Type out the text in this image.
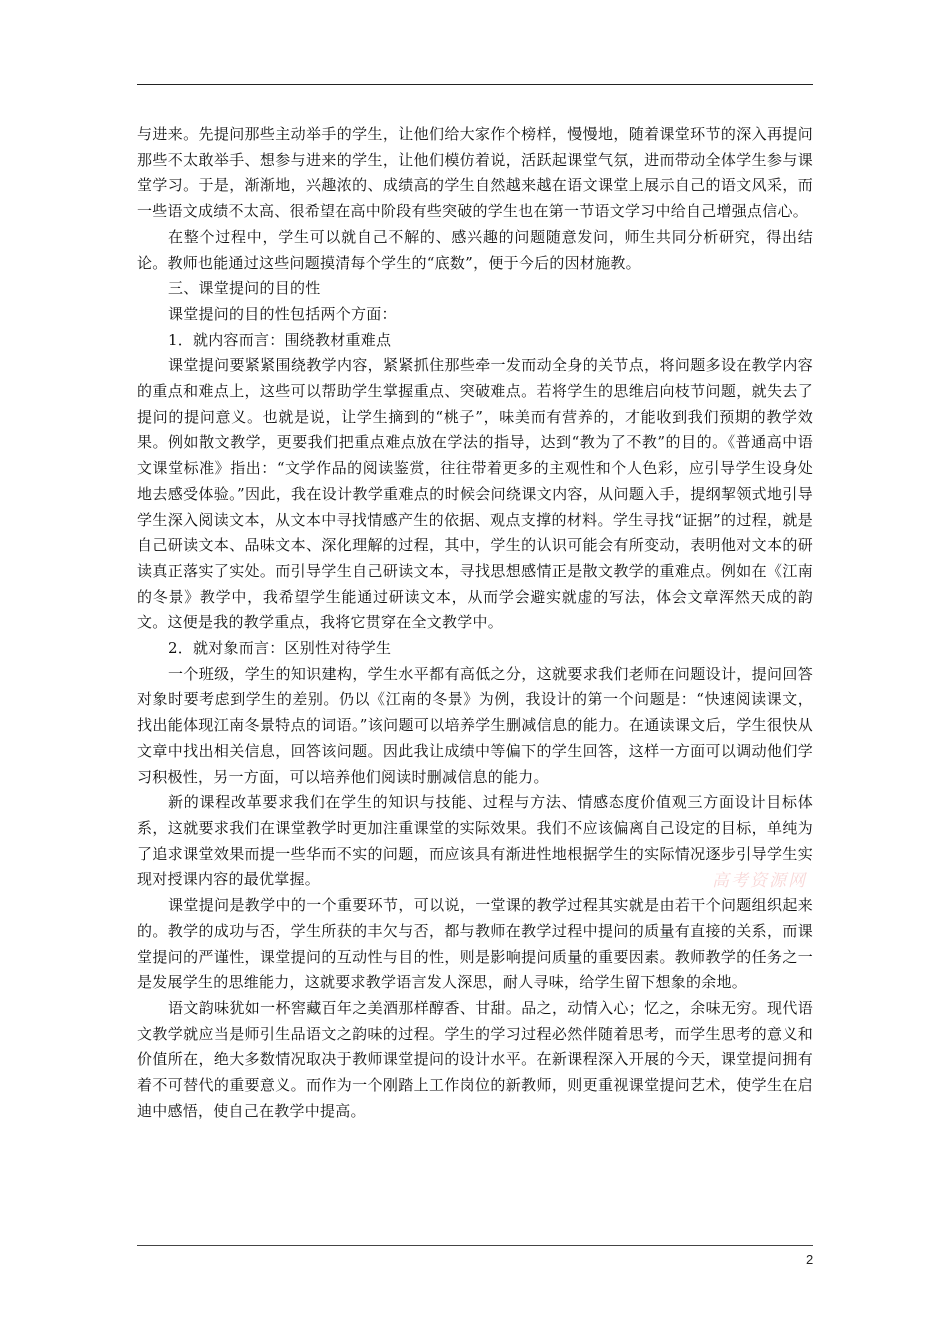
与进来。先提问那些主动举手的学生，让他们给大家作个榜样，慢慢地，随着课堂环节的深入再提问那些不太敢举手、想参与进来的学生，让他们模仿着说，活跃起课堂气氛，进而带动全体学生参与课堂学习。于是，渐渐地，兴趣浓的、成绩高的学生自然越来越在语文课堂上展示自己的语文风采，而一些语文成绩不太高、很希望在高中阶段有些突破的学生也在第一节语文学习中给自己增强点信心。

在整个过程中，学生可以就自己不解的、感兴趣的问题随意发问，师生共同分析研究，得出结论。教师也能通过这些问题摸清每个学生的“底数”，便于今后的因材施教。

三、课堂提问的目的性

课堂提问的目的性包括两个方面：

1．就内容而言：围绕教材重难点

课堂提问要紧紧围绕教学内容，紧紧抓住那些牵一发而动全身的关节点，将问题多设在教学内容的重点和难点上，这些可以帮助学生掌握重点、突破难点。若将学生的思维启向枝节问题，就失去了提问的提问意义。也就是说，让学生摘到的“桃子”，味美而有营养的，才能收到我们预期的教学效果。例如散文教学，更要我们把重点难点放在学法的指导，达到“教为了不教”的目的。《普通高中语文课堂标准》指出：“文学作品的阅读鉴赏，往往带着更多的主观性和个人色彩，应引导学生设身处地去感受体验。”因此，我在设计教学重难点的时候会问绕课文内容，从问题入手，提纲挈领式地引导学生深入阅读文本，从文本中寻找情感产生的依据、观点支撑的材料。学生寻找“证据”的过程，就是自己研读文本、品味文本、深化理解的过程，其中，学生的认识可能会有所变动，表明他对文本的研读真正落实了实处。而引导学生自己研读文本，寻找思想感情正是散文教学的重难点。例如在《江南的冬景》教学中，我希望学生能通过研读文本，从而学会避实就虚的写法，体会文章浑然天成的韵文。这便是我的教学重点，我将它贯穿在全文教学中。

2．就对象而言：区别性对待学生

一个班级，学生的知识建构，学生水平都有高低之分，这就要求我们老师在问题设计，提问回答对象时要考虑到学生的差别。仍以《江南的冬景》为例，我设计的第一个问题是：“快速阅读课文，找出能体现江南冬景特点的词语。”该问题可以培养学生删减信息的能力。在通读课文后，学生很快从文章中找出相关信息，回答该问题。因此我让成绩中等偏下的学生回答，这样一方面可以调动他们学习积极性，另一方面，可以培养他们阅读时删减信息的能力。

新的课程改革要求我们在学生的知识与技能、过程与方法、情感态度价值观三方面设计目标体系，这就要求我们在课堂教学时更加注重课堂的实际效果。我们不应该偏离自己设定的目标，单纯为了追求课堂效果而提一些华而不实的问题，而应该具有渐进性地根据学生的实际情况逐步引导学生实现对授课内容的最优掌握。

课堂提问是教学中的一个重要环节，可以说，一堂课的教学过程其实就是由若干个问题组织起来的。教学的成功与否，学生所获的丰欠与否，都与教师在教学过程中提问的质量有直接的关系，而课堂提问的严谨性，课堂提问的互动性与目的性，则是影响提问质量的重要因素。教师教学的任务之一是发展学生的思维能力，这就要求教学语言发人深思，耐人寻味，给学生留下想象的余地。

语文韵味犹如一杯窖藏百年之美酒那样醇香、甘甜。品之，动情入心；忆之，余味无穷。现代语文教学就应当是师引生品语文之韵味的过程。学生的学习过程必然伴随着思考，而学生思考的意义和价值所在，绝大多数情况取决于教师课堂提问的设计水平。在新课程深入开展的今天，课堂提问拥有着不可替代的重要意义。而作为一个刚踏上工作岗位的新教师，则更重视课堂提问艺术，使学生在启迪中感悟，使自己在教学中提高。

高考资源网
2
